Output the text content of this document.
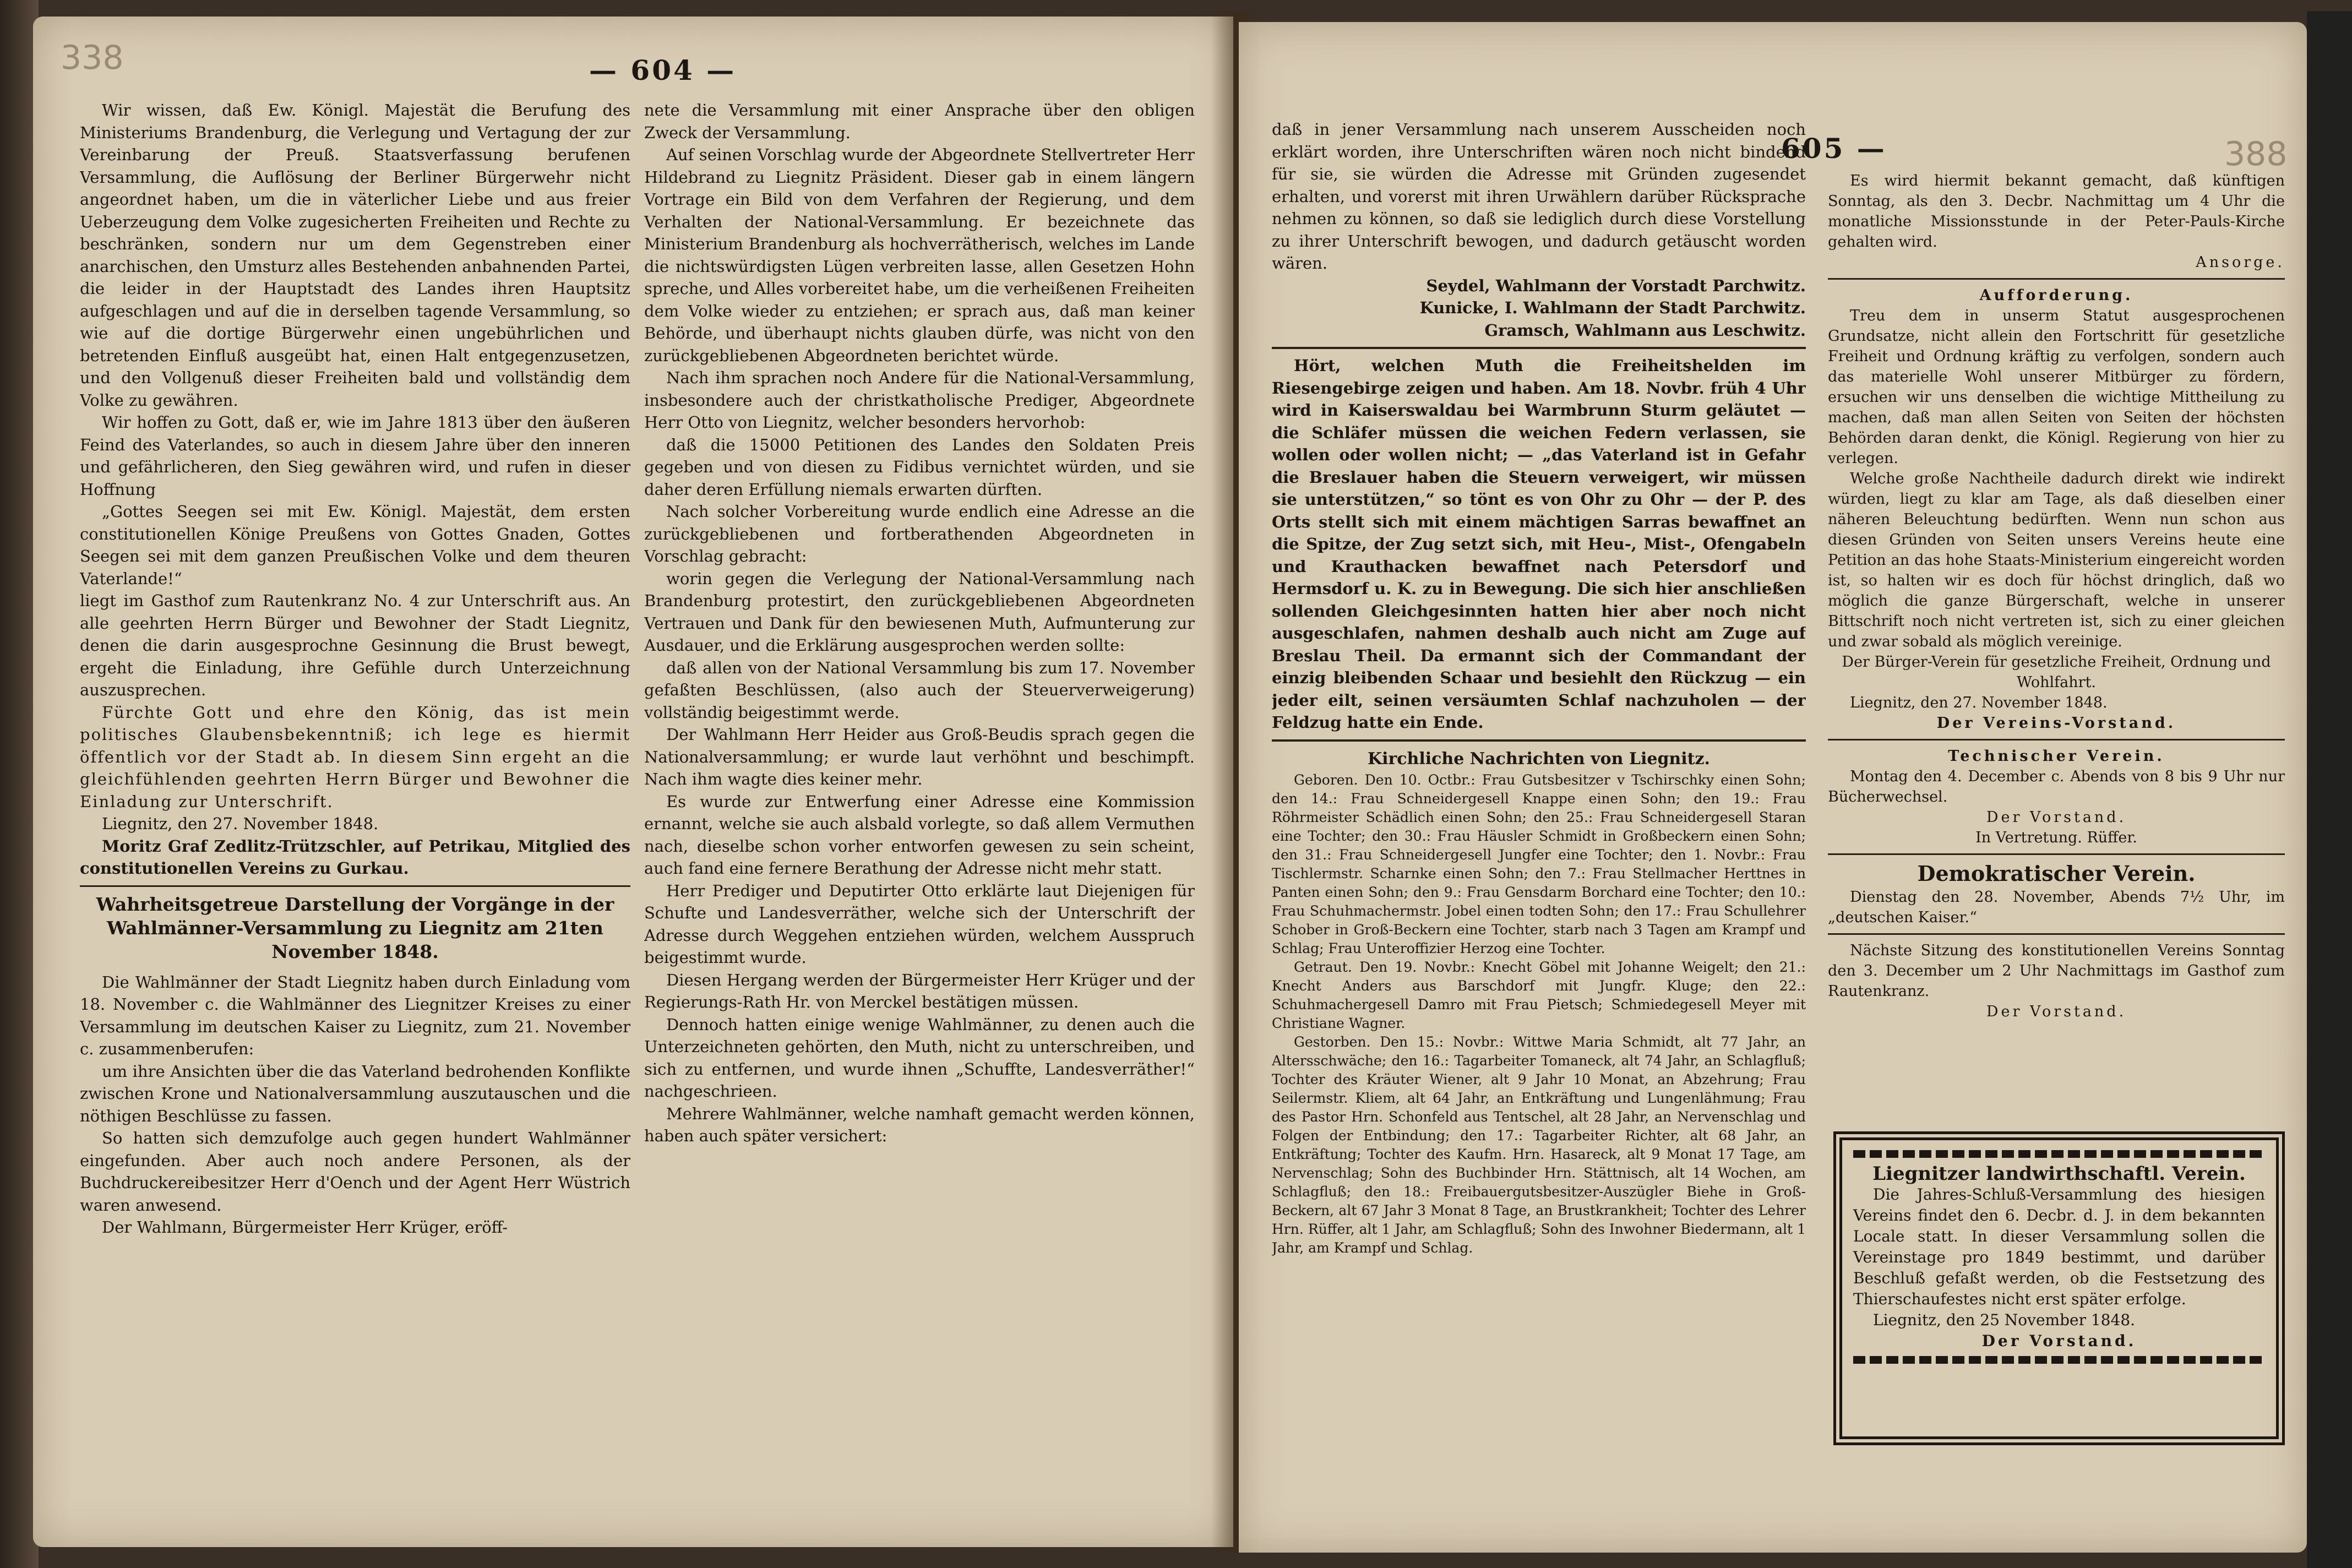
338	— 604 —

Wir wissen, daß Ew. Königl. Majestät die Berufung des Ministeriums Brandenburg, die Verlegung und Vertagung der zur Vereinbarung der Preuß. Staatsverfassung berufenen Versammlung, die Auflösung der Berliner Bürgerwehr nicht angeordnet haben, um die in väterlicher Liebe und aus freier Ueberzeugung dem Volke zugesicherten Freiheiten und Rechte zu beschränken, sondern nur um dem Gegenstreben einer anarchischen, den Umsturz alles Bestehenden anbahnenden Partei, die leider in der Hauptstadt des Landes ihren Hauptsitz aufgeschlagen und auf die in derselben tagende Versammlung, so wie auf die dortige Bürgerwehr einen ungebührlichen und betretenden Einfluß ausgeübt hat, einen Halt entgegenzusetzen, und den Vollgenuß dieser Freiheiten bald und vollständig dem Volke zu gewähren.

Wir hoffen zu Gott, daß er, wie im Jahre 1813 über den äußeren Feind des Vaterlandes, so auch in diesem Jahre über den inneren und gefährlicheren, den Sieg gewähren wird, und rufen in dieser Hoffnung

„Gottes Seegen sei mit Ew. Königl. Majestät, dem ersten constitutionellen Könige Preußens von Gottes Gnaden, Gottes Seegen sei mit dem ganzen Preußischen Volke und dem theuren Vaterlande!“

liegt im Gasthof zum Rautenkranz No. 4 zur Unterschrift aus. An alle geehrten Herrn Bürger und Bewohner der Stadt Liegnitz, denen die darin ausgesprochne Gesinnung die Brust bewegt, ergeht die Einladung, ihre Gefühle durch Unterzeichnung auszusprechen.

Fürchte Gott und ehre den König, das ist mein politisches Glaubensbekenntniß; ich lege es hiermit öffentlich vor der Stadt ab. In diesem Sinn ergeht an die gleichfühlenden geehrten Herrn Bürger und Bewohner die Einladung zur Unterschrift.

Liegnitz, den 27. November 1848.

Moritz Graf Zedlitz-Trützschler, auf Petrikau, Mitglied des constitutionellen Vereins zu Gurkau.

Wahrheitsgetreue Darstellung der Vorgänge in der Wahlmänner-Versammlung zu Liegnitz am 21ten November 1848.

Die Wahlmänner der Stadt Liegnitz haben durch Einladung vom 18. November c. die Wahlmänner des Liegnitzer Kreises zu einer Versammlung im deutschen Kaiser zu Liegnitz, zum 21. November c. zusammenberufen:

um ihre Ansichten über die das Vaterland bedrohenden Konflikte zwischen Krone und Nationalversammlung auszutauschen und die nöthigen Beschlüsse zu fassen.

So hatten sich demzufolge auch gegen hundert Wahlmänner eingefunden. Aber auch noch andere Personen, als der Buchdruckereibesitzer Herr d'Oench und der Agent Herr Wüstrich waren anwesend.

Der Wahlmann, Bürgermeister Herr Krüger, eröff-

nete die Versammlung mit einer Ansprache über den obligen Zweck der Versammlung.

Auf seinen Vorschlag wurde der Abgeordnete Stellvertreter Herr Hildebrand zu Liegnitz Präsident. Dieser gab in einem längern Vortrage ein Bild von dem Verfahren der Regierung, und dem Verhalten der National-Versammlung. Er bezeichnete das Ministerium Brandenburg als hochverrätherisch, welches im Lande die nichtswürdigsten Lügen verbreiten lasse, allen Gesetzen Hohn spreche, und Alles vorbereitet habe, um die verheißenen Freiheiten dem Volke wieder zu entziehen; er sprach aus, daß man keiner Behörde, und überhaupt nichts glauben dürfe, was nicht von den zurückgebliebenen Abgeordneten berichtet würde.

Nach ihm sprachen noch Andere für die National-Versammlung, insbesondere auch der christkatholische Prediger, Abgeordnete Herr Otto von Liegnitz, welcher besonders hervorhob:

daß die 15000 Petitionen des Landes den Soldaten Preis gegeben und von diesen zu Fidibus vernichtet würden, und sie daher deren Erfüllung niemals erwarten dürften.

Nach solcher Vorbereitung wurde endlich eine Adresse an die zurückgebliebenen und fortberathenden Abgeordneten in Vorschlag gebracht:

worin gegen die Verlegung der National-Versammlung nach Brandenburg protestirt, den zurückgebliebenen Abgeordneten Vertrauen und Dank für den bewiesenen Muth, Aufmunterung zur Ausdauer, und die Erklärung ausgesprochen werden sollte:

daß allen von der National Versammlung bis zum 17. November gefaßten Beschlüssen, (also auch der Steuerverweigerung) vollständig beigestimmt werde.

Der Wahlmann Herr Heider aus Groß-Beudis sprach gegen die Nationalversammlung; er wurde laut verhöhnt und beschimpft. Nach ihm wagte dies keiner mehr.

Es wurde zur Entwerfung einer Adresse eine Kommission ernannt, welche sie auch alsbald vorlegte, so daß allem Vermuthen nach, dieselbe schon vorher entworfen gewesen zu sein scheint, auch fand eine fernere Berathung der Adresse nicht mehr statt.

Herr Prediger und Deputirter Otto erklärte laut Diejenigen für Schufte und Landesverräther, welche sich der Unterschrift der Adresse durch Weggehen entziehen würden, welchem Ausspruch beigestimmt wurde.

Diesen Hergang werden der Bürgermeister Herr Krüger und der Regierungs-Rath Hr. von Merckel bestätigen müssen.

Dennoch hatten einige wenige Wahlmänner, zu denen auch die Unterzeichneten gehörten, den Muth, nicht zu unterschreiben, und sich zu entfernen, und wurde ihnen „Schuffte, Landesverräther!“ nachgeschrieen.

Mehrere Wahlmänner, welche namhaft gemacht werden können, haben auch später versichert:

605 —	388

daß in jener Versammlung nach unserem Ausscheiden noch erklärt worden, ihre Unterschriften wären noch nicht bindend für sie, sie würden die Adresse mit Gründen zugesendet erhalten, und vorerst mit ihren Urwählern darüber Rücksprache nehmen zu können, so daß sie lediglich durch diese Vorstellung zu ihrer Unterschrift bewogen, und dadurch getäuscht worden wären.

Seydel, Wahlmann der Vorstadt Parchwitz.

Kunicke, I. Wahlmann der Stadt Parchwitz.

Gramsch, Wahlmann aus Leschwitz.

Hört, welchen Muth die Freiheitshelden im Riesengebirge zeigen und haben. Am 18. Novbr. früh 4 Uhr wird in Kaiserswaldau bei Warmbrunn Sturm geläutet — die Schläfer müssen die weichen Federn verlassen, sie wollen oder wollen nicht; — „das Vaterland ist in Gefahr die Breslauer haben die Steuern verweigert, wir müssen sie unterstützen,“ so tönt es von Ohr zu Ohr — der P. des Orts stellt sich mit einem mächtigen Sarras bewaffnet an die Spitze, der Zug setzt sich, mit Heu-, Mist-, Ofengabeln und Krauthacken bewaffnet nach Petersdorf und Hermsdorf u. K. zu in Bewegung. Die sich hier anschließen sollenden Gleichgesinnten hatten hier aber noch nicht ausgeschlafen, nahmen deshalb auch nicht am Zuge auf Breslau Theil. Da ermannt sich der Commandant der einzig bleibenden Schaar und besiehlt den Rückzug — ein jeder eilt, seinen versäumten Schlaf nachzuholen — der Feldzug hatte ein Ende.

Kirchliche Nachrichten von Liegnitz.

Geboren. Den 10. Octbr.: Frau Gutsbesitzer v Tschirschky einen Sohn; den 14.: Frau Schneidergesell Knappe einen Sohn; den 19.: Frau Röhrmeister Schädlich einen Sohn; den 25.: Frau Schneidergesell Staran eine Tochter; den 30.: Frau Häusler Schmidt in Großbeckern einen Sohn; den 31.: Frau Schneidergesell Jungfer eine Tochter; den 1. Novbr.: Frau Tischlermstr. Scharnke einen Sohn; den 7.: Frau Stellmacher Herttnes in Panten einen Sohn; den 9.: Frau Gensdarm Borchard eine Tochter; den 10.: Frau Schuhmachermstr. Jobel einen todten Sohn; den 17.: Frau Schullehrer Schober in Groß-Beckern eine Tochter, starb nach 3 Tagen am Krampf und Schlag; Frau Unteroffizier Herzog eine Tochter.

Getraut. Den 19. Novbr.: Knecht Göbel mit Johanne Weigelt; den 21.: Knecht Anders aus Barschdorf mit Jungfr. Kluge; den 22.: Schuhmachergesell Damro mit Frau Pietsch; Schmiedegesell Meyer mit Christiane Wagner.

Gestorben. Den 15.: Novbr.: Wittwe Maria Schmidt, alt 77 Jahr, an Altersschwäche; den 16.: Tagarbeiter Tomaneck, alt 74 Jahr, an Schlagfluß; Tochter des Kräuter Wiener, alt 9 Jahr 10 Monat, an Abzehrung; Frau Seilermstr. Kliem, alt 64 Jahr, an Entkräftung und Lungenlähmung; Frau des Pastor Hrn. Schonfeld aus Tentschel, alt 28 Jahr, an Nervenschlag und Folgen der Entbindung; den 17.: Tagarbeiter Richter, alt 68 Jahr, an Entkräftung; Tochter des Kaufm. Hrn. Hasareck, alt 9 Monat 17 Tage, am Nervenschlag; Sohn des Buchbinder Hrn. Stättnisch, alt 14 Wochen, am Schlagfluß; den 18.: Freibauergutsbesitzer-Auszügler Biehe in Groß-Beckern, alt 67 Jahr 3 Monat 8 Tage, an Brustkrankheit; Tochter des Lehrer Hrn. Rüffer, alt 1 Jahr, am Schlagfluß; Sohn des Inwohner Biedermann, alt 1 Jahr, am Krampf und Schlag.

Es wird hiermit bekannt gemacht, daß künftigen Sonntag, als den 3. Decbr. Nachmittag um 4 Uhr die monatliche Missionsstunde in der Peter-Pauls-Kirche gehalten wird.

Ansorge.

Aufforderung.

Treu dem in unserm Statut ausgesprochenen Grundsatze, nicht allein den Fortschritt für gesetzliche Freiheit und Ordnung kräftig zu verfolgen, sondern auch das materielle Wohl unserer Mitbürger zu fördern, ersuchen wir uns denselben die wichtige Mittheilung zu machen, daß man allen Seiten von Seiten der höchsten Behörden daran denkt, die Königl. Regierung von hier zu verlegen.

Welche große Nachtheile dadurch direkt wie indirekt würden, liegt zu klar am Tage, als daß dieselben einer näheren Beleuchtung bedürften. Wenn nun schon aus diesen Gründen von Seiten unsers Vereins heute eine Petition an das hohe Staats-Ministerium eingereicht worden ist, so halten wir es doch für höchst dringlich, daß wo möglich die ganze Bürgerschaft, welche in unserer Bittschrift noch nicht vertreten ist, sich zu einer gleichen und zwar sobald als möglich vereinige.

Der Bürger-Verein für gesetzliche Freiheit, Ordnung und Wohlfahrt.

Liegnitz, den 27. November 1848.

Der Vereins-Vorstand.

Technischer Verein.

Montag den 4. December c. Abends von 8 bis 9 Uhr nur Bücherwechsel.

Der Vorstand.

In Vertretung. Rüffer.

Demokratischer Verein.

Dienstag den 28. November, Abends 7½ Uhr, im „deutschen Kaiser.“

Nächste Sitzung des konstitutionellen Vereins Sonntag den 3. December um 2 Uhr Nachmittags im Gasthof zum Rautenkranz.

Der Vorstand.

Liegnitzer landwirthschaftl. Verein.

Die Jahres-Schluß-Versammlung des hiesigen Vereins findet den 6. Decbr. d. J. in dem bekannten Locale statt. In dieser Versammlung sollen die Vereinstage pro 1849 bestimmt, und darüber Beschluß gefaßt werden, ob die Festsetzung des Thierschaufestes nicht erst später erfolge.

Liegnitz, den 25 November 1848.

Der Vorstand.
